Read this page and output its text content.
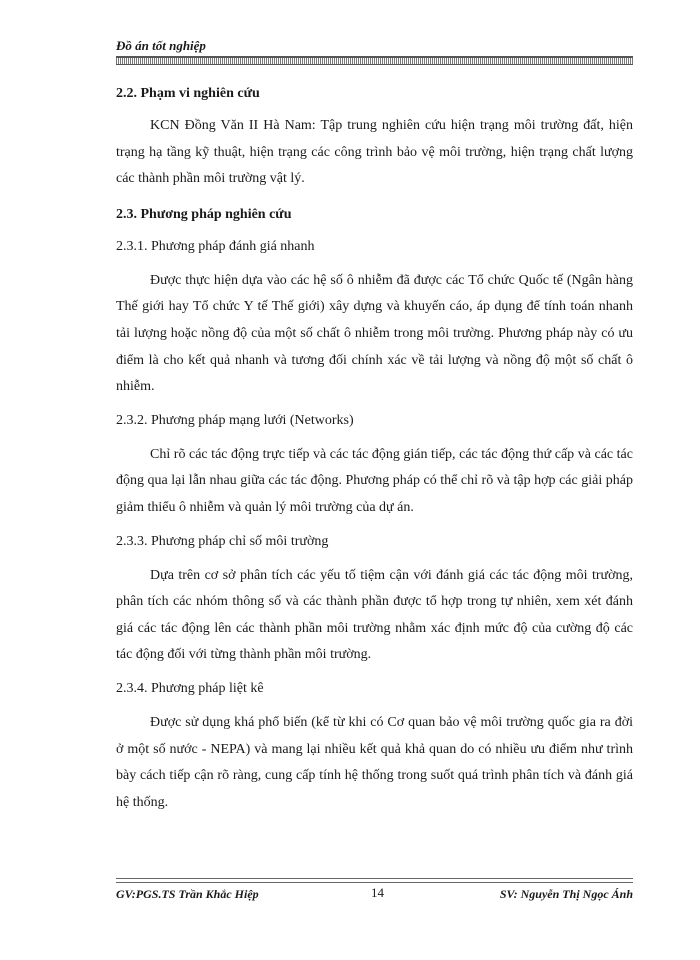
Đồ án tốt nghiệp
2.2. Phạm vi nghiên cứu

KCN Đồng Văn II Hà Nam: Tập trung nghiên cứu hiện trạng môi trường đất, hiện trạng hạ tầng kỹ thuật, hiện trạng các công trình bảo vệ môi trường, hiện trạng chất lượng các thành phần môi trường vật lý.

2.3. Phương pháp nghiên cứu
2.3.1. Phương pháp đánh giá nhanh

Được thực hiện dựa vào các hệ số ô nhiễm đã được các Tổ chức Quốc tế (Ngân hàng Thế giới hay Tổ chức Y tế Thế giới) xây dựng và khuyến cáo, áp dụng để tính toán nhanh tải lượng hoặc nồng độ của một số chất ô nhiễm trong môi trường. Phương pháp này có ưu điểm là cho kết quả nhanh và tương đối chính xác về tải lượng và nồng độ một số chất ô nhiễm.

2.3.2. Phương pháp mạng lưới (Networks)

Chỉ rõ các tác động trực tiếp và các tác động gián tiếp, các tác động thứ cấp và các tác động qua lại lẫn nhau giữa các tác động. Phương pháp có thể chỉ rõ và tập hợp các giải pháp giảm thiểu ô nhiễm và quản lý môi trường của dự án.

2.3.3. Phương pháp chỉ số môi trường

Dựa trên cơ sở phân tích các yếu tố tiệm cận với đánh giá các tác động môi trường, phân tích các nhóm thông số và các thành phần được tổ hợp trong tự nhiên, xem xét đánh giá các tác động lên các thành phần môi trường nhằm xác định mức độ của cường độ các tác động đối với từng thành phần môi trường.

2.3.4. Phương pháp liệt kê

Được sử dụng khá phổ biến (kể từ khi có Cơ quan bảo vệ môi trường quốc gia ra đời ở một số nước - NEPA) và mang lại nhiều kết quả khả quan do có nhiều ưu điểm như trình bày cách tiếp cận rõ ràng, cung cấp tính hệ thống trong suốt quá trình phân tích và đánh giá hệ thống.

GV:PGS.TS Trần Khắc Hiệp	14	SV: Nguyễn Thị Ngọc Ánh
